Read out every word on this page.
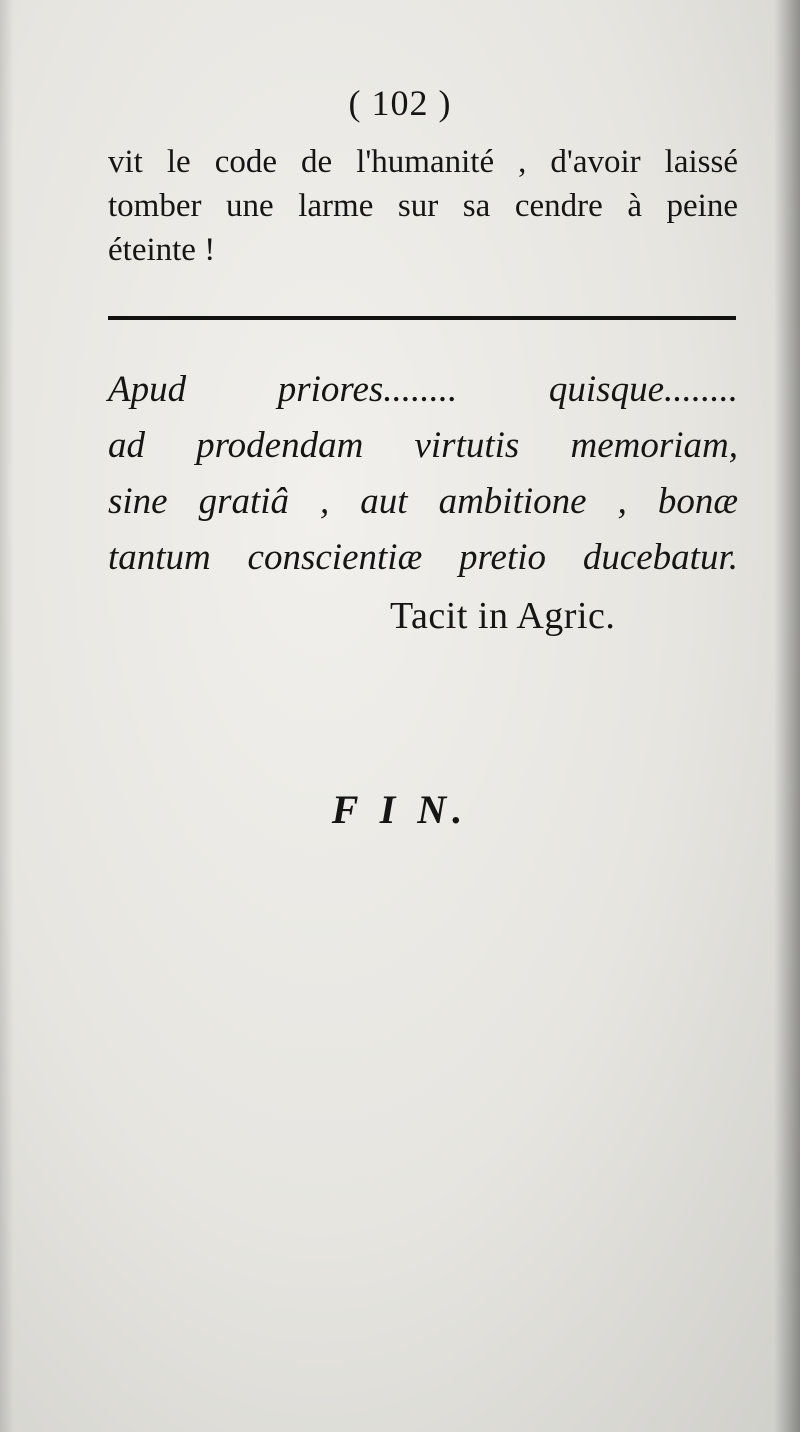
( 102 )
vit le code de l'humanité , d'avoir laissé
tomber une larme sur sa cendre à peine
éteinte !
Apud priores........ quisque........
ad prodendam virtutis memoriam,
sine gratiâ , aut ambitione , bonæ
tantum conscientiæ pretio ducebatur.
Tacit in Agric.
F I N.
